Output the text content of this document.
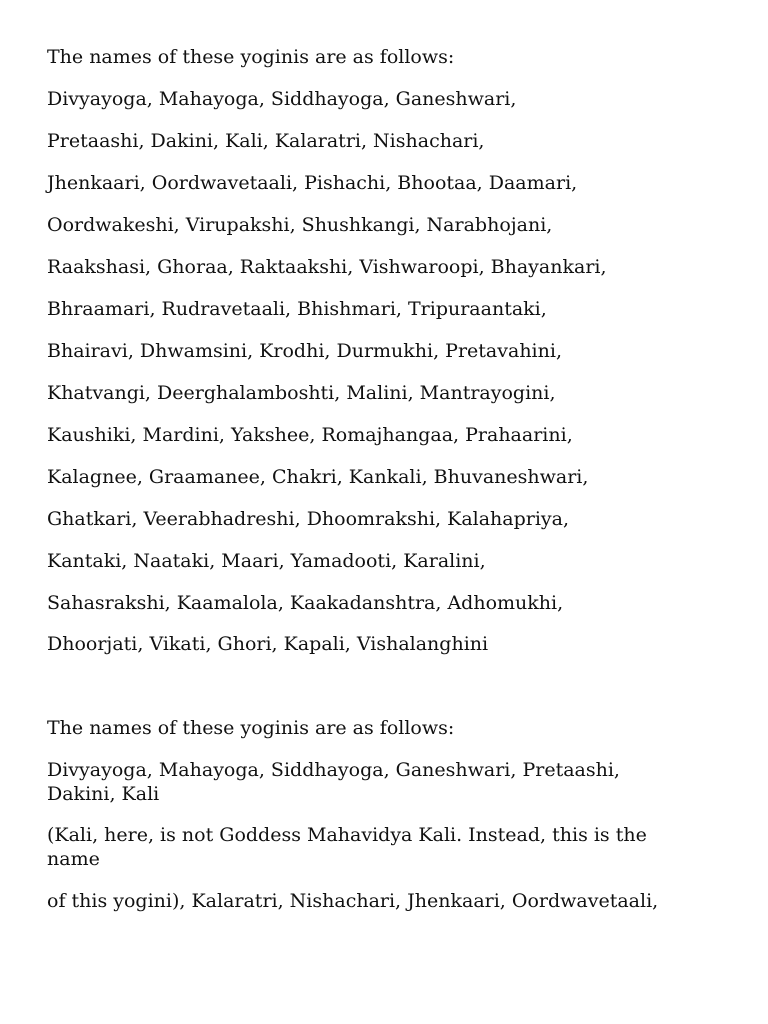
The names of these yoginis are as follows:

Divyayoga, Mahayoga, Siddhayoga, Ganeshwari,

Pretaashi, Dakini, Kali, Kalaratri, Nishachari,

Jhenkaari, Oordwavetaali, Pishachi, Bhootaa, Daamari,

Oordwakeshi, Virupakshi, Shushkangi, Narabhojani,

Raakshasi, Ghoraa, Raktaakshi, Vishwaroopi, Bhayankari,

Bhraamari, Rudravetaali, Bhishmari, Tripuraantaki,

Bhairavi, Dhwamsini, Krodhi, Durmukhi, Pretavahini,

Khatvangi, Deerghalamboshti, Malini, Mantrayogini,

Kaushiki, Mardini, Yakshee, Romajhangaa, Prahaarini,

Kalagnee, Graamanee, Chakri, Kankali, Bhuvaneshwari,

Ghatkari, Veerabhadreshi, Dhoomrakshi, Kalahapriya,

Kantaki, Naataki, Maari, Yamadooti, Karalini,

Sahasrakshi, Kaamalola, Kaakadanshtra, Adhomukhi,

Dhoorjati, Vikati, Ghori, Kapali, Vishalanghini

The names of these yoginis are as follows:

Divyayoga, Mahayoga, Siddhayoga, Ganeshwari, Pretaashi,

Dakini, Kali

(Kali, here, is not Goddess Mahavidya Kali. Instead, this is the

name

of this yogini), Kalaratri, Nishachari, Jhenkaari, Oordwavetaali,
